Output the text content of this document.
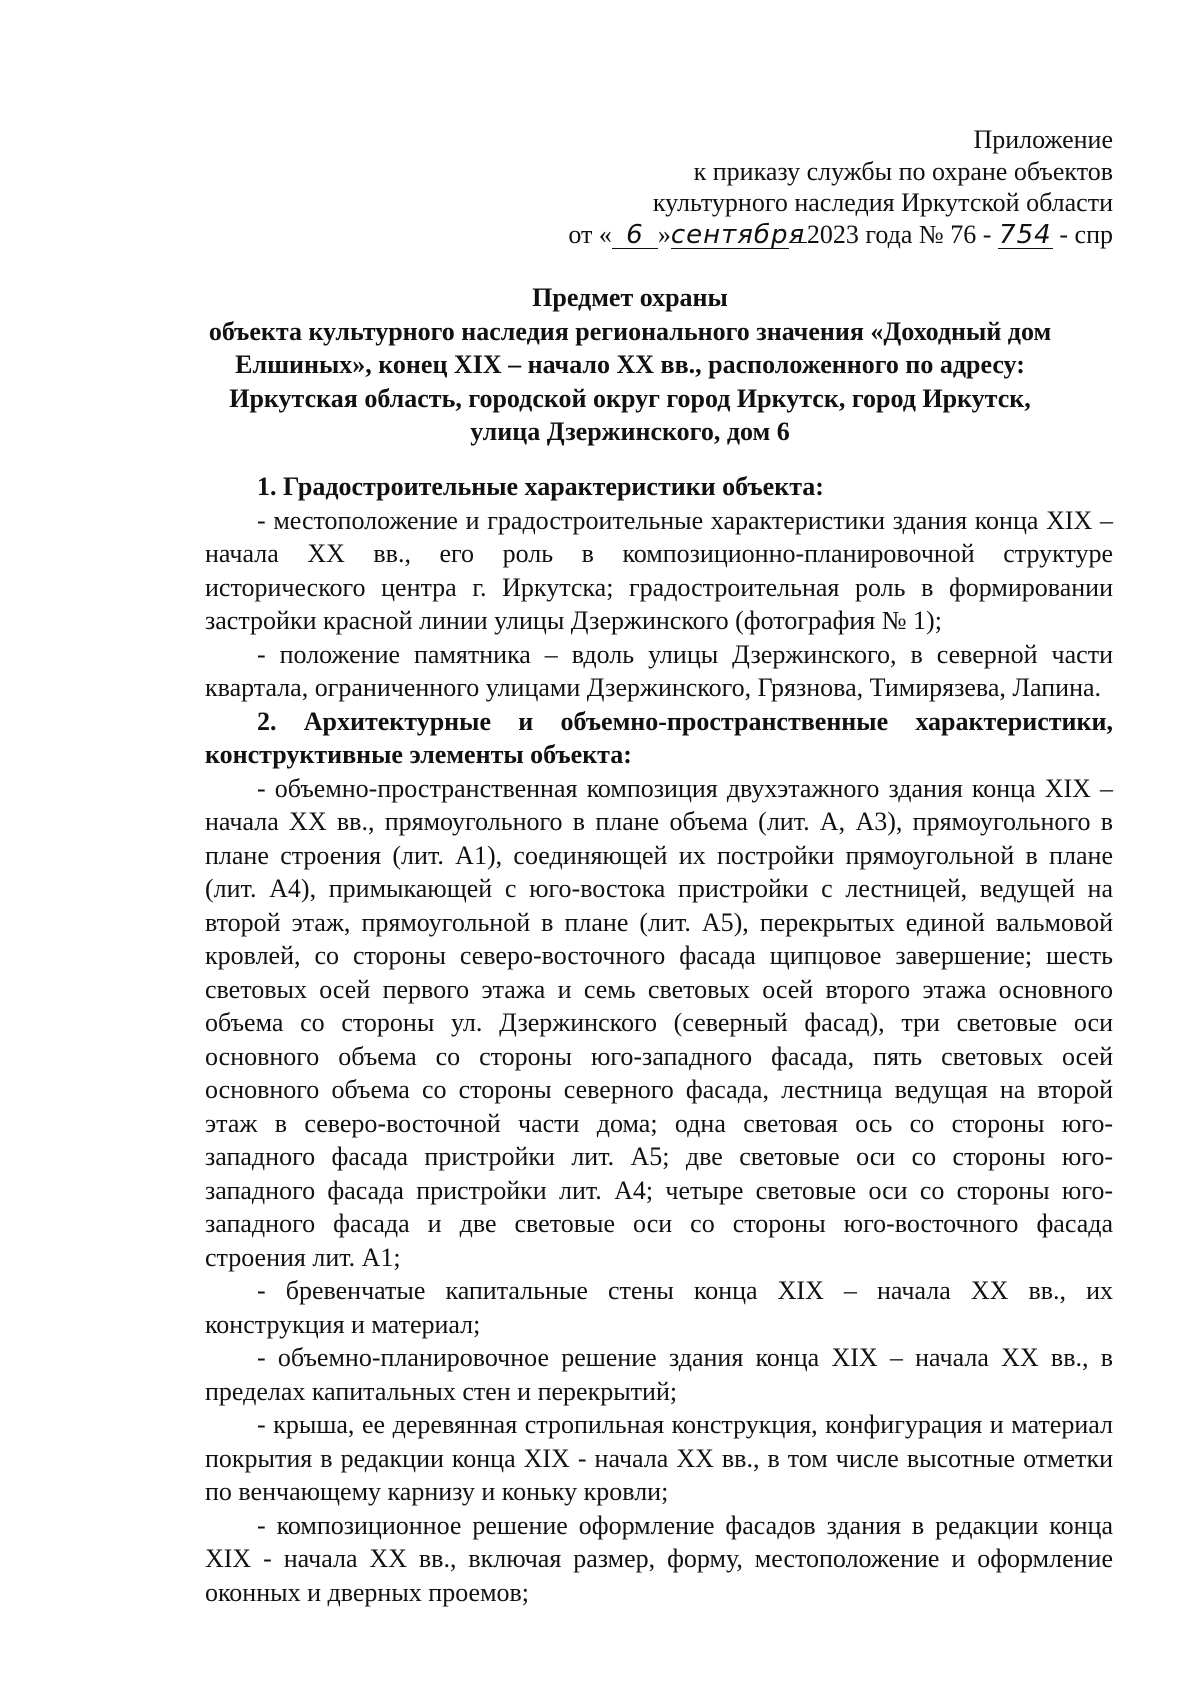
Приложение
к приказу службы по охране объектов
культурного наследия Иркутской области
от « 6 »сентября2023 года № 76 - 754 - спр
Предмет охраны
объекта культурного наследия регионального значения «Доходный дом
Елшиных», конец XIX – начало XX вв., расположенного по адресу:
Иркутская область, городской округ город Иркутск, город Иркутск,
улица Дзержинского, дом 6

1. Градостроительные характеристики объекта:

- местоположение и градостроительные характеристики здания конца XIX – начала XX вв., его роль в композиционно-планировочной структуре исторического центра г. Иркутска; градостроительная роль в формировании застройки красной линии улицы Дзержинского (фотография № 1);

- положение памятника – вдоль улицы Дзержинского, в северной части квартала, ограниченного улицами Дзержинского, Грязнова, Тимирязева, Лапина.

2. Архитектурные и объемно-пространственные характеристики, конструктивные элементы объекта:

- объемно-пространственная композиция двухэтажного здания конца XIX – начала XX вв., прямоугольного в плане объема (лит. А, А3), прямоугольного в плане строения (лит. А1), соединяющей их постройки прямоугольной в плане (лит. А4), примыкающей с юго-востока пристройки с лестницей, ведущей на второй этаж, прямоугольной в плане (лит. А5), перекрытых единой вальмовой кровлей, со стороны северо-восточного фасада щипцовое завершение; шесть световых осей первого этажа и семь световых осей второго этажа основного объема со стороны ул. Дзержинского (северный фасад), три световые оси основного объема со стороны юго-западного фасада, пять световых осей основного объема со стороны северного фасада, лестница ведущая на второй этаж в северо-восточной части дома; одна световая ось со стороны юго-западного фасада пристройки лит. А5; две световые оси со стороны юго-западного фасада пристройки лит. А4; четыре световые оси со стороны юго-западного фасада и две световые оси со стороны юго-восточного фасада строения лит. А1;

- бревенчатые капитальные стены конца XIX – начала XX вв., их конструкция и материал;

- объемно-планировочное решение здания конца XIX – начала XX вв., в пределах капитальных стен и перекрытий;

- крыша, ее деревянная стропильная конструкция, конфигурация и материал покрытия в редакции конца XIX - начала XX вв., в том числе высотные отметки по венчающему карнизу и коньку кровли;

- композиционное решение оформление фасадов здания в редакции конца XIX - начала XX вв., включая размер, форму, местоположение и оформление оконных и дверных проемов;
